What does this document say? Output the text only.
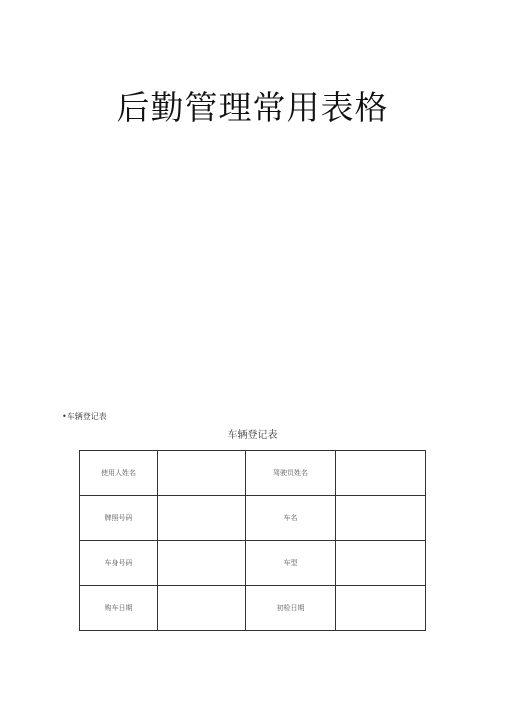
后勤管理常用表格
•车辆登记表
车辆登记表
使用人姓名		驾驶员姓名	
牌照号码		车名	
车身号码		车型	
购车日期		初检日期	
